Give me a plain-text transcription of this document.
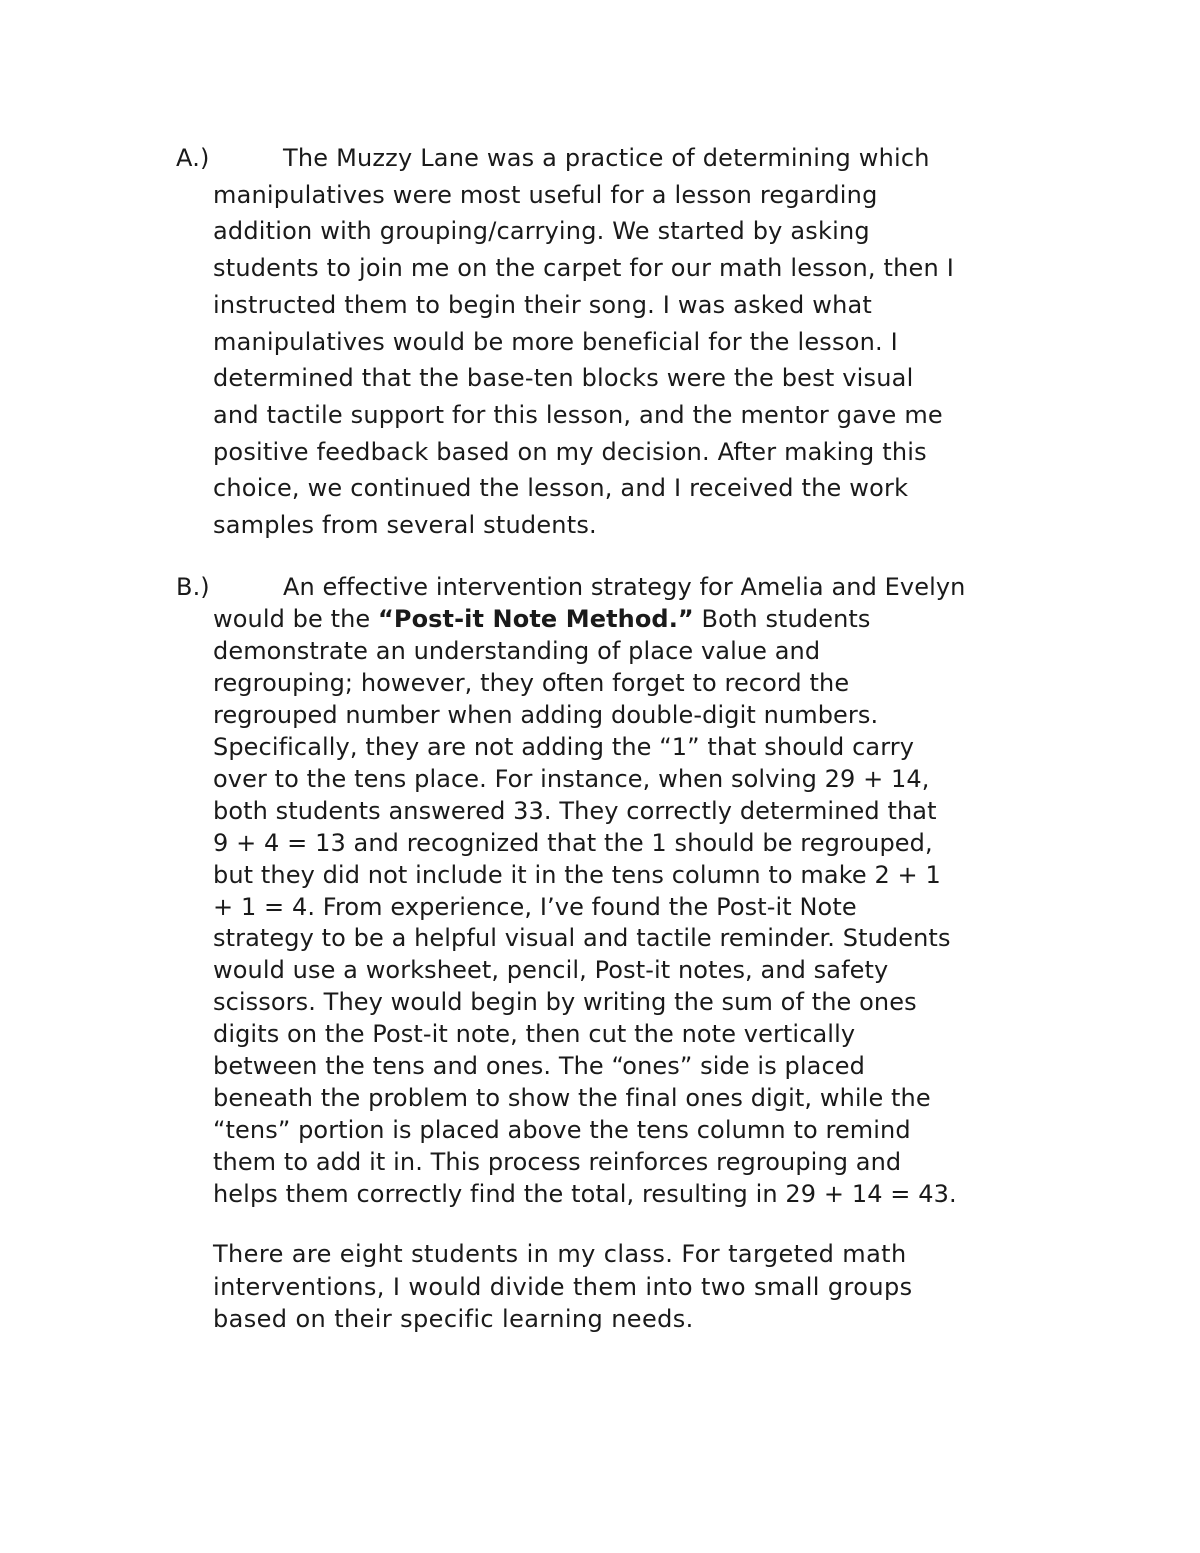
A.)	The Muzzy Lane was a practice of determining which
manipulatives were most useful for a lesson regarding
addition with grouping/carrying. We started by asking
students to join me on the carpet for our math lesson, then I
instructed them to begin their song. I was asked what
manipulatives would be more beneficial for the lesson. I
determined that the base-ten blocks were the best visual
and tactile support for this lesson, and the mentor gave me
positive feedback based on my decision. After making this
choice, we continued the lesson, and I received the work
samples from several students.
B.)	An effective intervention strategy for Amelia and Evelyn
would be the “Post-it Note Method.” Both students
demonstrate an understanding of place value and
regrouping; however, they often forget to record the
regrouped number when adding double-digit numbers.
Specifically, they are not adding the “1” that should carry
over to the tens place. For instance, when solving 29 + 14,
both students answered 33. They correctly determined that
9 + 4 = 13 and recognized that the 1 should be regrouped,
but they did not include it in the tens column to make 2 + 1
+ 1 = 4. From experience, I’ve found the Post-it Note
strategy to be a helpful visual and tactile reminder. Students
would use a worksheet, pencil, Post-it notes, and safety
scissors. They would begin by writing the sum of the ones
digits on the Post-it note, then cut the note vertically
between the tens and ones. The “ones” side is placed
beneath the problem to show the final ones digit, while the
“tens” portion is placed above the tens column to remind
them to add it in. This process reinforces regrouping and
helps them correctly find the total, resulting in 29 + 14 = 43.
There are eight students in my class. For targeted math
interventions, I would divide them into two small groups
based on their specific learning needs.
